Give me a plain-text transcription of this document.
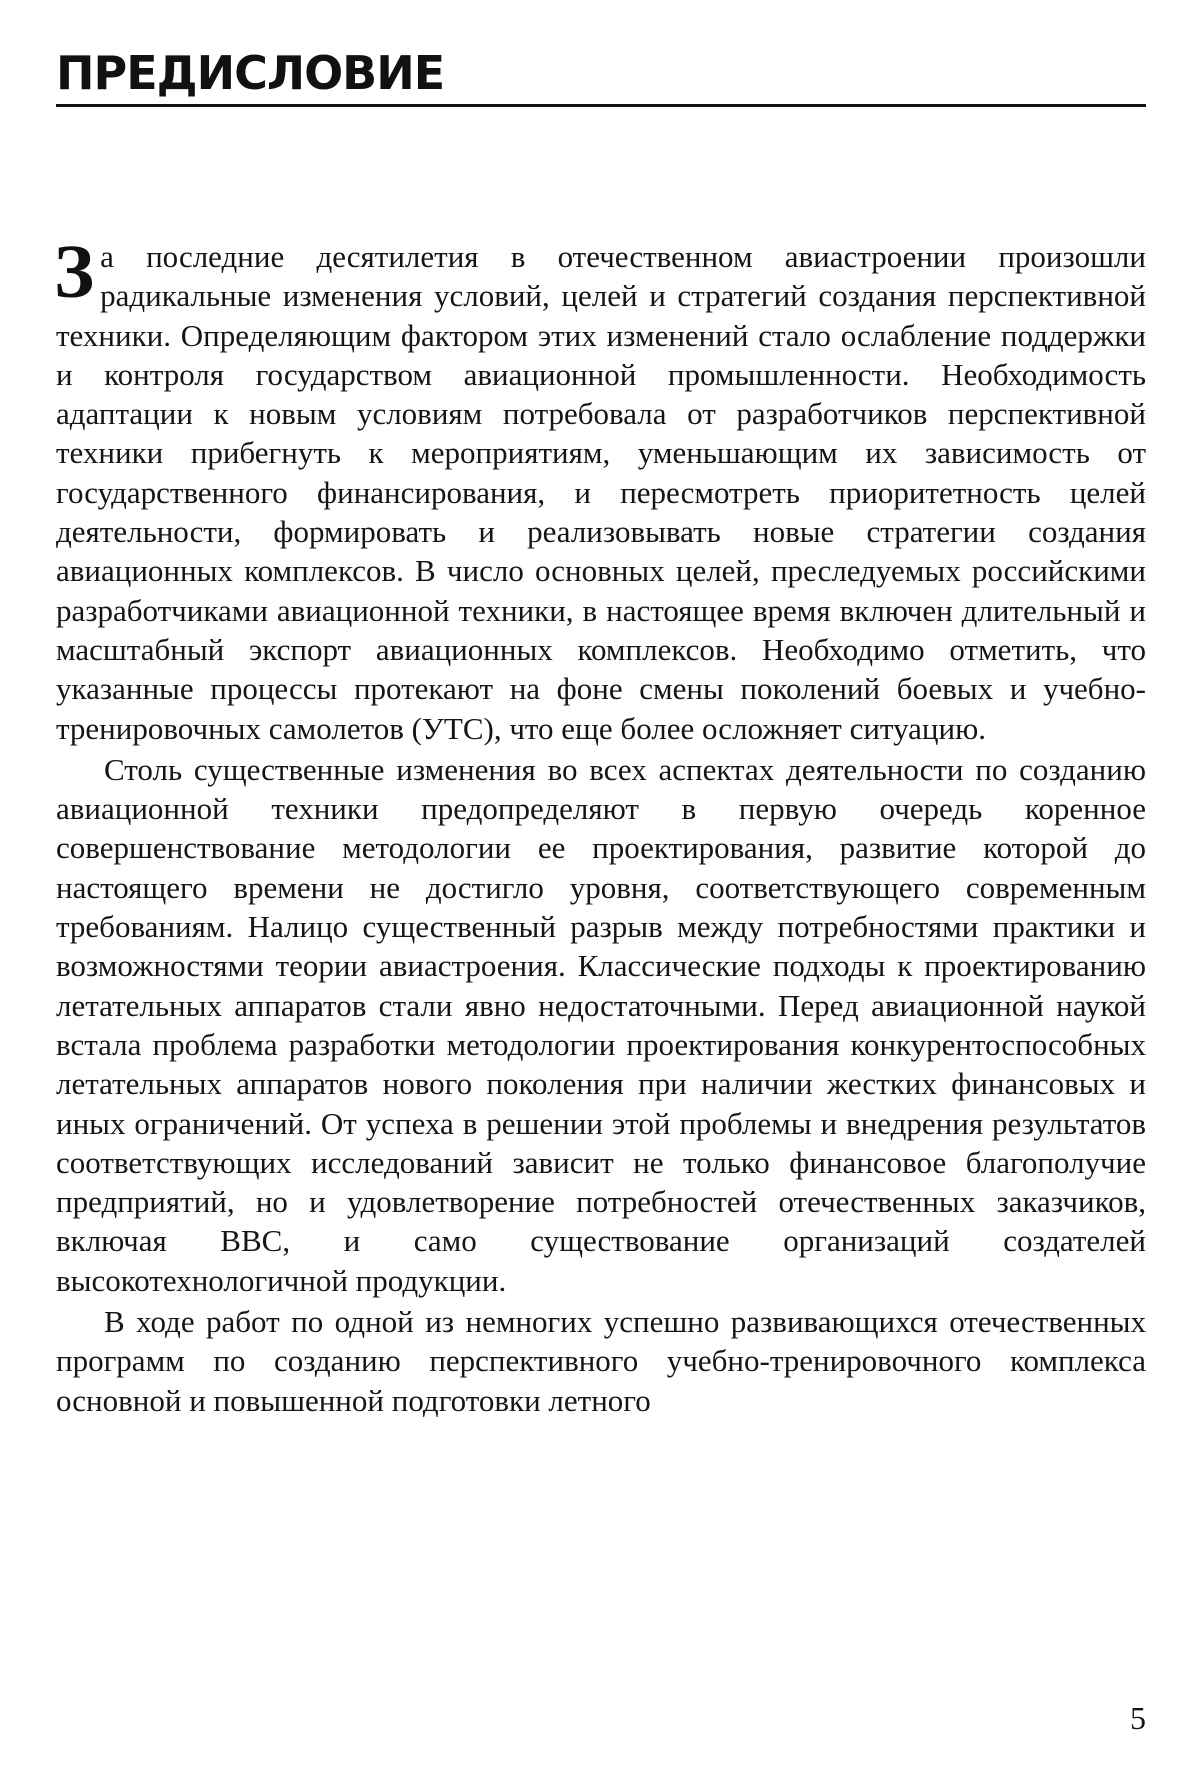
ПРЕДИСЛОВИЕ

За последние десятилетия в отечественном авиастроении произошли радикальные изменения условий, целей и стратегий создания перспективной техники. Определяющим фактором этих изменений стало ослабление поддержки и контроля государством авиационной промышленности. Необходимость адаптации к новым условиям потребовала от разработчиков перспективной техники прибегнуть к мероприятиям, уменьшающим их зависимость от государственного финансирования, и пересмотреть приоритетность целей деятельности, формировать и реализовывать новые стратегии создания авиационных комплексов. В число основных целей, преследуемых российскими разработчиками авиационной техники, в настоящее время включен длительный и масштабный экспорт авиационных комплексов. Необходимо отметить, что указанные процессы протекают на фоне смены поколений боевых и учебно-тренировочных самолетов (УТС), что еще более осложняет ситуацию.

Столь существенные изменения во всех аспектах деятельности по созданию авиационной техники предопределяют в первую очередь коренное совершенствование методологии ее проектирования, развитие которой до настоящего времени не достигло уровня, соответствующего современным требованиям. Налицо существенный разрыв между потребностями практики и возможностями теории авиастроения. Классические подходы к проектированию летательных аппаратов стали явно недостаточными. Перед авиационной наукой встала проблема разработки методологии проектирования конкурентоспособных летательных аппаратов нового поколения при наличии жестких финансовых и иных ограничений. От успеха в решении этой проблемы и внедрения результатов соответствующих исследований зависит не только финансовое благополучие предприятий, но и удовлетворение потребностей отечественных заказчиков, включая ВВС, и само существование организаций создателей высокотехнологичной продукции.

В ходе работ по одной из немногих успешно развивающихся отечественных программ по созданию перспективного учебно-тренировочного комплекса основной и повышенной подготовки летного

5
